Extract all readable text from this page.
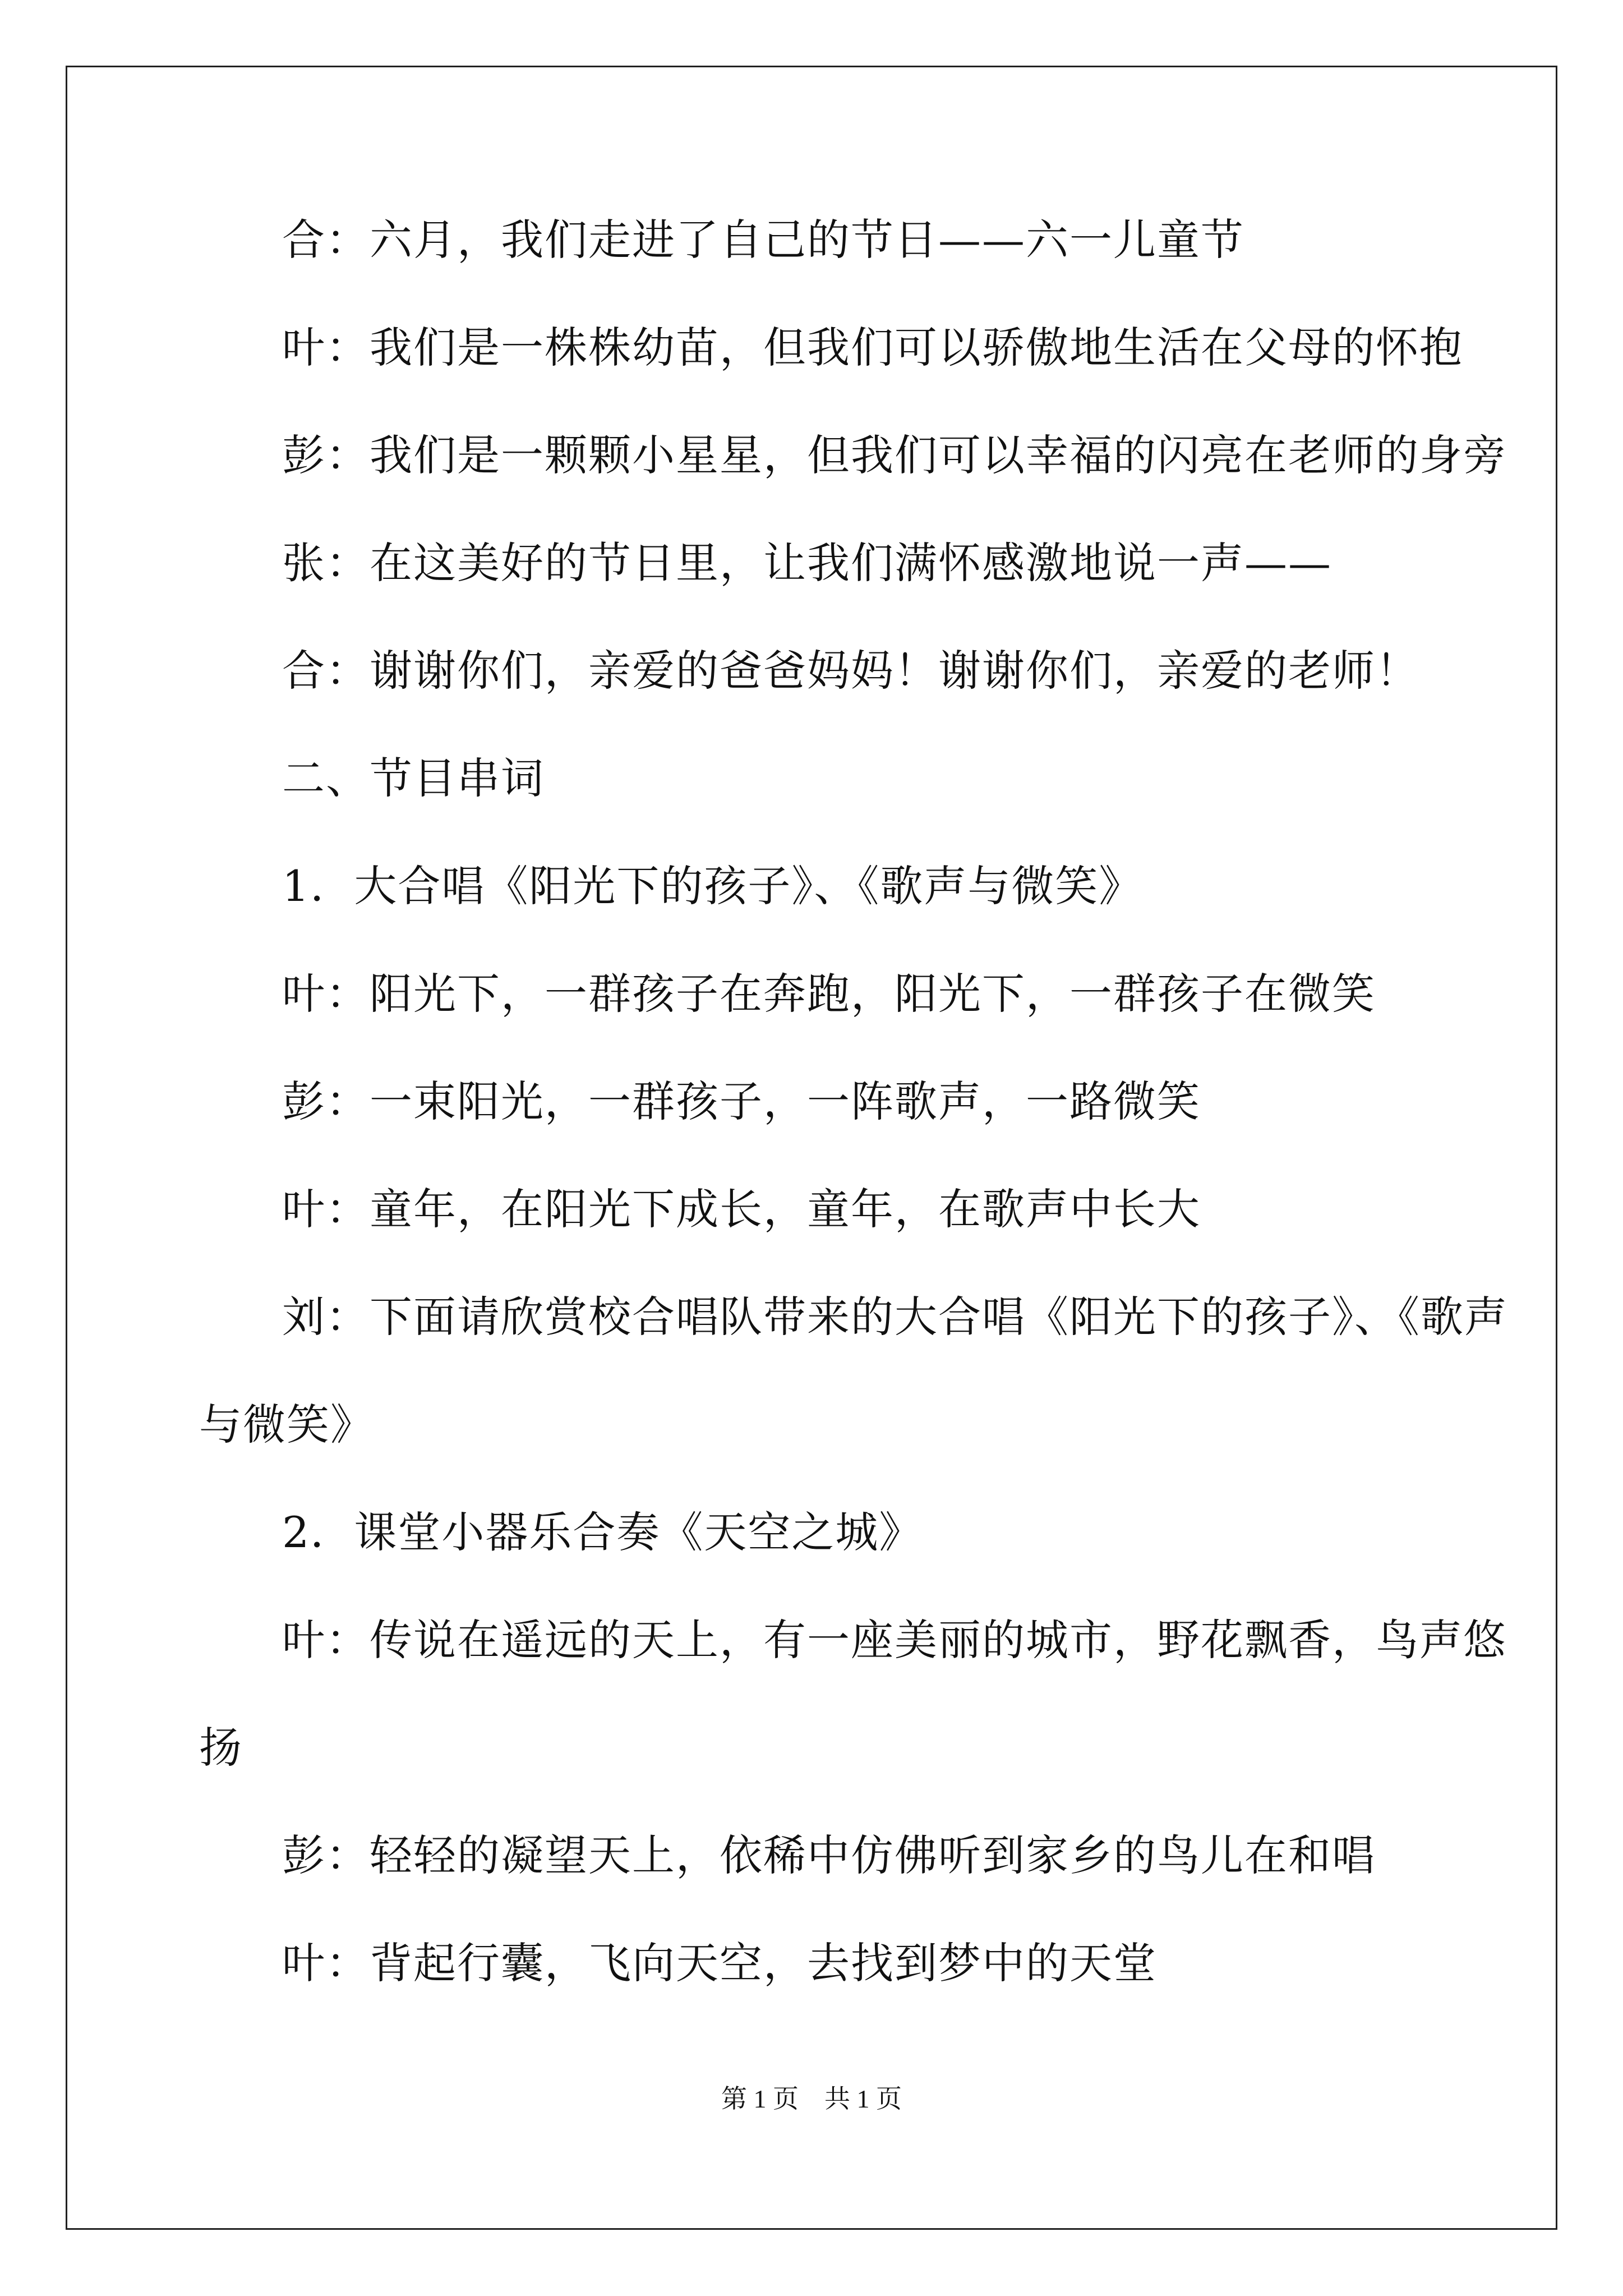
合：六月，我们走进了自己的节日——六一儿童节

叶：我们是一株株幼苗，但我们可以骄傲地生活在父母的怀抱

彭：我们是一颗颗小星星，但我们可以幸福的闪亮在老师的身旁

张：在这美好的节日里，让我们满怀感激地说一声——

合：谢谢你们，亲爱的爸爸妈妈！谢谢你们，亲爱的老师！

二、节目串词

1．大合唱《阳光下的孩子》、《歌声与微笑》

叶：阳光下，一群孩子在奔跑，阳光下，一群孩子在微笑

彭：一束阳光，一群孩子，一阵歌声，一路微笑

叶：童年，在阳光下成长，童年，在歌声中长大

刘：下面请欣赏校合唱队带来的大合唱《阳光下的孩子》、《歌声

与微笑》

2．课堂小器乐合奏《天空之城》

叶：传说在遥远的天上，有一座美丽的城市，野花飘香，鸟声悠

扬

彭：轻轻的凝望天上，依稀中仿佛听到家乡的鸟儿在和唱

叶：背起行囊，飞向天空，去找到梦中的天堂

第 1 页　共 1 页
